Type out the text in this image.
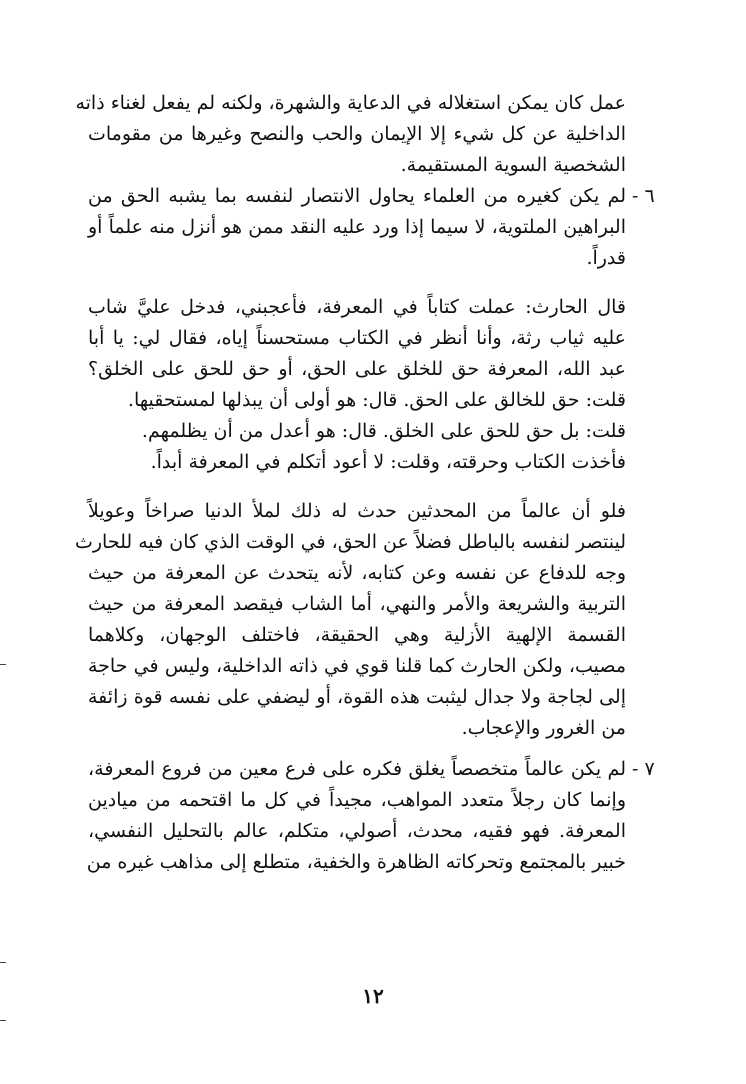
عمل كان يمكن استغلاله في الدعاية والشهرة، ولكنه لم يفعل لغناء ذاته
الداخلية عن كل شيء إلا الإيمان والحب والنصح وغيرها من مقومات
الشخصية السوية المستقيمة.

٦ -

لم يكن كغيره من العلماء يحاول الانتصار لنفسه بما يشبه الحق من
البراهين الملتوية، لا سيما إذا ورد عليه النقد ممن هو أنزل منه علماً أو
قدراً.

قال الحارث: عملت كتاباً في المعرفة، فأعجبني، فدخل عليَّ شاب
عليه ثياب رثة، وأنا أنظر في الكتاب مستحسناً إياه، فقال لي: يا أبا
عبد الله، المعرفة حق للخلق على الحق، أو حق للحق على الخلق؟
قلت: حق للخالق على الحق. قال: هو أولى أن يبذلها لمستحقيها.
قلت: بل حق للحق على الخلق. قال: هو أعدل من أن يظلمهم.
فأخذت الكتاب وحرقته، وقلت: لا أعود أتكلم في المعرفة أبداً.

فلو أن عالماً من المحدثين حدث له ذلك لملأ الدنيا صراخاً وعويلاً
لينتصر لنفسه بالباطل فضلاً عن الحق، في الوقت الذي كان فيه للحارث
وجه للدفاع عن نفسه وعن كتابه، لأنه يتحدث عن المعرفة من حيث
التربية والشريعة والأمر والنهي، أما الشاب فيقصد المعرفة من حيث
القسمة الإلهية الأزلية وهي الحقيقة، فاختلف الوجهان، وكلاهما
مصيب، ولكن الحارث كما قلنا قوي في ذاته الداخلية، وليس في حاجة
إلى لجاجة ولا جدال ليثبت هذه القوة، أو ليضفي على نفسه قوة زائفة
من الغرور والإعجاب.

٧ -

لم يكن عالماً متخصصاً يغلق فكره على فرع معين من فروع المعرفة،
وإنما كان رجلاً متعدد المواهب، مجيداً في كل ما اقتحمه من ميادين
المعرفة. فهو فقيه، محدث، أصولي، متكلم، عالم بالتحليل النفسي،
خبير بالمجتمع وتحركاته الظاهرة والخفية، متطلع إلى مذاهب غيره من

١٢
